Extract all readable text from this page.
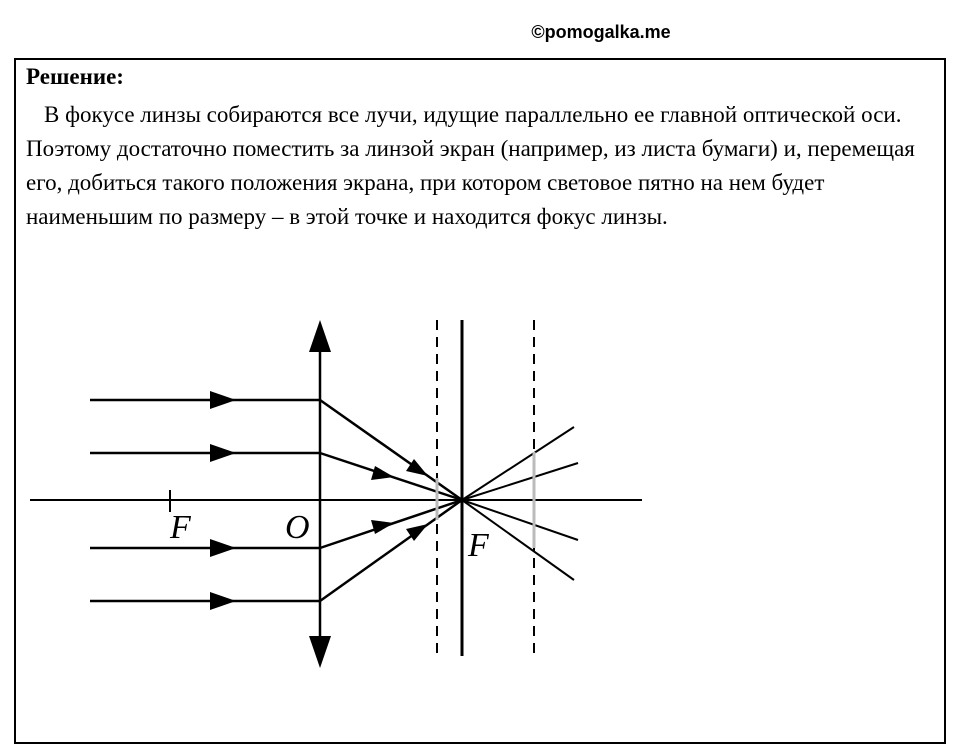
©pomogalka.me
Решение:

В фокусе линзы собираются все лучи, идущие параллельно ее главной оптической оси. Поэтому достаточно поместить за линзой экран (например, из листа бумаги) и, перемещая его, добиться такого положения экрана, при котором световое пятно на нем будет наименьшим по размеру – в этой точке и находится фокус линзы.

F	O	F
